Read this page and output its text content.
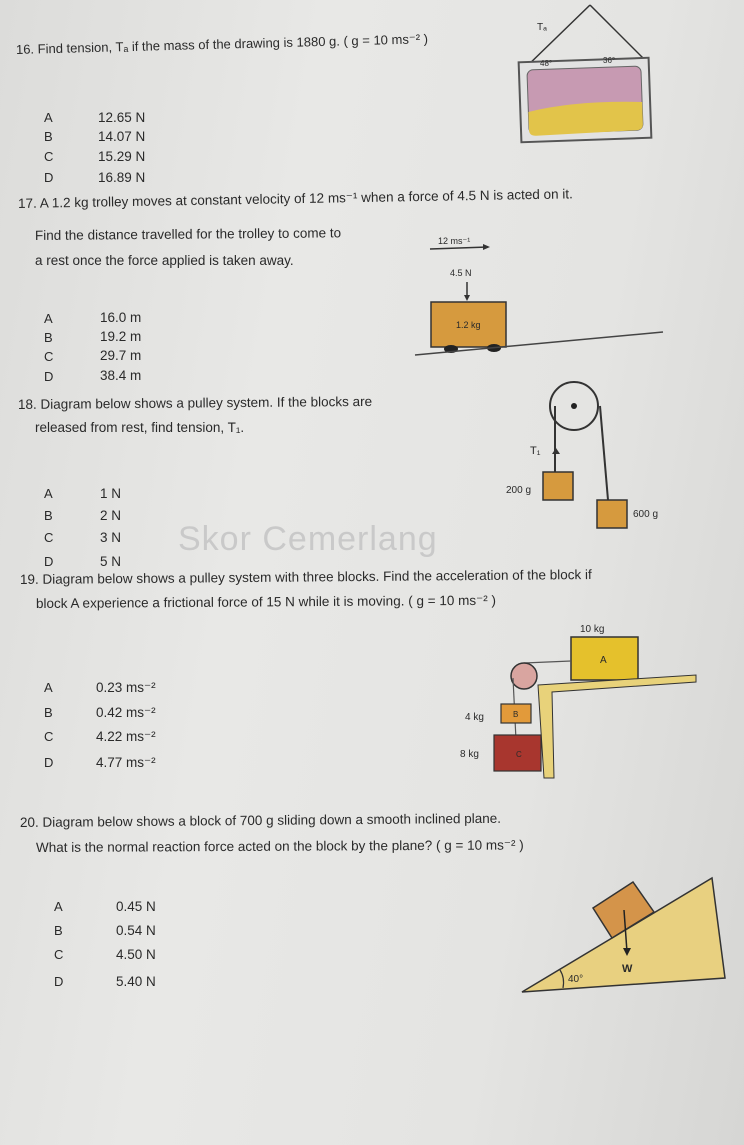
Skor Cemerlang
16. Find tension, Tₐ if the mass of the drawing is 1880 g. ( g = 10 ms⁻² )
A	12.65 N
B	14.07 N
C	15.29 N
D	16.89 N
Tₐ
48°	36°
17. A 1.2 kg trolley moves at constant velocity of 12 ms⁻¹ when a force of 4.5 N is acted on it.
Find the distance travelled for the trolley to come to
a rest once the force applied is taken away.
A	16.0 m
B	19.2 m
C	29.7 m
D	38.4 m
12 ms⁻¹
4.5 N
1.2 kg
18. Diagram below shows a pulley system. If the blocks are
released from rest, find tension, T₁.
A	1 N
B	2 N
C	3 N
D	5 N
T₁
200 g
600 g
19. Diagram below shows a pulley system with three blocks. Find the acceleration of the block if
block A experience a frictional force of 15 N while it is moving. ( g = 10 ms⁻² )
A	0.23 ms⁻²
B	0.42 ms⁻²
C	4.22 ms⁻²
D	4.77 ms⁻²
10 kg
A
B
4 kg
C
8 kg
20. Diagram below shows a block of 700 g sliding down a smooth inclined plane.
What is the normal reaction force acted on the block by the plane? ( g = 10 ms⁻² )
A	0.45 N
B	0.54 N
C	4.50 N
D	5.40 N
W
40°
